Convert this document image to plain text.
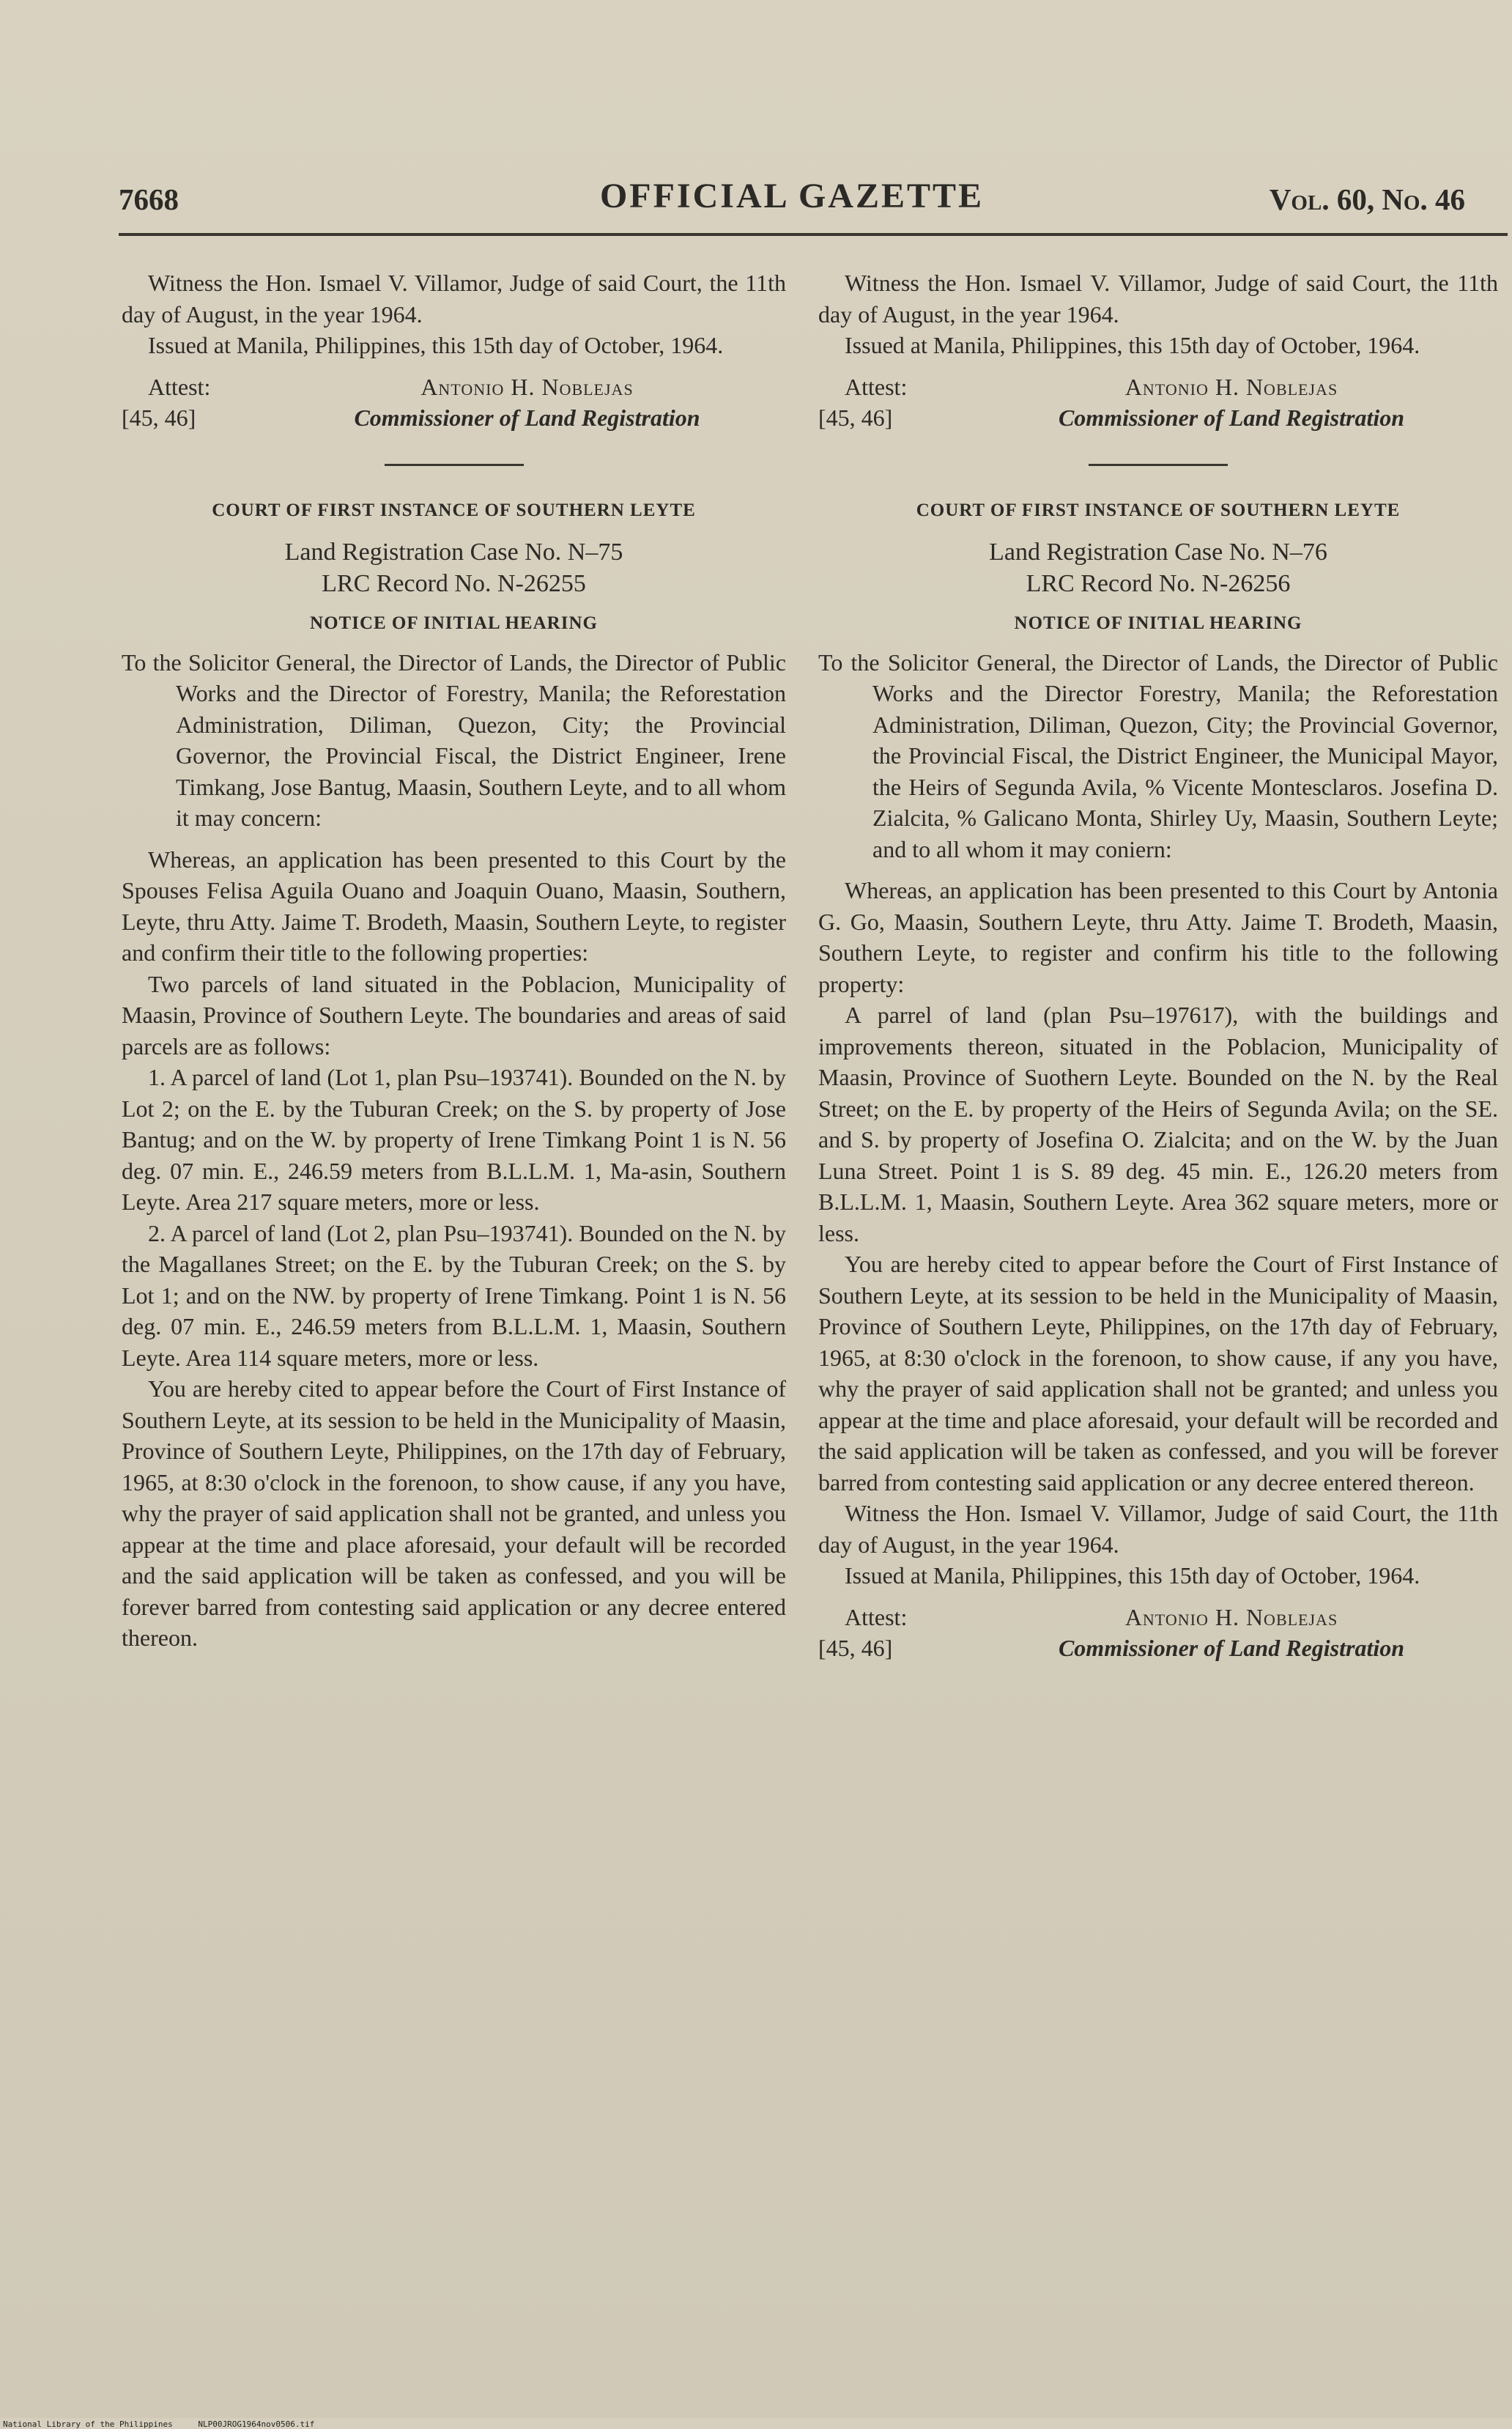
7668	OFFICIAL GAZETTE	Vol. 60, No. 46

Witness the Hon. Ismael V. Villamor, Judge of said Court, the 11th day of August, in the year 1964.

Issued at Manila, Philippines, this 15th day of October, 1964.

Attest:
[45, 46]
Antonio H. Noblejas
Commissioner of Land Registration
COURT OF FIRST INSTANCE OF SOUTHERN LEYTE
Land Registration Case No. N–75
LRC Record No. N-26255
NOTICE OF INITIAL HEARING

To the Solicitor General, the Director of Lands, the Director of Public Works and the Director of Forestry, Manila; the Reforestation Administration, Diliman, Quezon, City; the Provincial Governor, the Provincial Fiscal, the District Engineer, Irene Timkang, Jose Bantug, Maasin, Southern Leyte, and to all whom it may concern:

Whereas, an application has been presented to this Court by the Spouses Felisa Aguila Ouano and Joaquin Ouano, Maasin, Southern, Leyte, thru Atty. Jaime T. Brodeth, Maasin, Southern Leyte, to register and confirm their title to the following properties:

Two parcels of land situated in the Poblacion, Municipality of Maasin, Province of Southern Leyte. The boundaries and areas of said parcels are as follows:

1. A parcel of land (Lot 1, plan Psu–193741). Bounded on the N. by Lot 2; on the E. by the Tuburan Creek; on the S. by property of Jose Bantug; and on the W. by property of Irene Timkang Point 1 is N. 56 deg. 07 min. E., 246.59 meters from B.L.L.M. 1, Ma-asin, Southern Leyte. Area 217 square meters, more or less.

2. A parcel of land (Lot 2, plan Psu–193741). Bounded on the N. by the Magallanes Street; on the E. by the Tuburan Creek; on the S. by Lot 1; and on the NW. by property of Irene Timkang. Point 1 is N. 56 deg. 07 min. E., 246.59 meters from B.L.L.M. 1, Maasin, Southern Leyte. Area 114 square meters, more or less.

You are hereby cited to appear before the Court of First Instance of Southern Leyte, at its session to be held in the Municipality of Maasin, Province of Southern Leyte, Philippines, on the 17th day of February, 1965, at 8:30 o'clock in the forenoon, to show cause, if any you have, why the prayer of said application shall not be granted, and unless you appear at the time and place aforesaid, your default will be recorded and the said application will be taken as confessed, and you will be forever barred from contesting said application or any decree entered thereon.

Witness the Hon. Ismael V. Villamor, Judge of said Court, the 11th day of August, in the year 1964.

Issued at Manila, Philippines, this 15th day of October, 1964.

Attest:
[45, 46]
Antonio H. Noblejas
Commissioner of Land Registration
COURT OF FIRST INSTANCE OF SOUTHERN LEYTE
Land Registration Case No. N–76
LRC Record No. N-26256
NOTICE OF INITIAL HEARING

To the Solicitor General, the Director of Lands, the Director of Public Works and the Director Forestry, Manila; the Reforestation Administration, Diliman, Quezon, City; the Provincial Governor, the Provincial Fiscal, the District Engineer, the Municipal Mayor, the Heirs of Segunda Avila, % Vicente Montesclaros. Josefina D. Zialcita, % Galicano Monta, Shirley Uy, Maasin, Southern Leyte; and to all whom it may coniern:

Whereas, an application has been presented to this Court by Antonia G. Go, Maasin, Southern Leyte, thru Atty. Jaime T. Brodeth, Maasin, Southern Leyte, to register and confirm his title to the following property:

A parrel of land (plan Psu–197617), with the buildings and improvements thereon, situated in the Poblacion, Municipality of Maasin, Province of Suothern Leyte. Bounded on the N. by the Real Street; on the E. by property of the Heirs of Segunda Avila; on the SE. and S. by property of Josefina O. Zialcita; and on the W. by the Juan Luna Street. Point 1 is S. 89 deg. 45 min. E., 126.20 meters from B.L.L.M. 1, Maasin, Southern Leyte. Area 362 square meters, more or less.

You are hereby cited to appear before the Court of First Instance of Southern Leyte, at its session to be held in the Municipality of Maasin, Province of Southern Leyte, Philippines, on the 17th day of February, 1965, at 8:30 o'clock in the forenoon, to show cause, if any you have, why the prayer of said application shall not be granted; and unless you appear at the time and place aforesaid, your default will be recorded and the said application will be taken as confessed, and you will be forever barred from contesting said application or any decree entered thereon.

Witness the Hon. Ismael V. Villamor, Judge of said Court, the 11th day of August, in the year 1964.

Issued at Manila, Philippines, this 15th day of October, 1964.

Attest:
[45, 46]
Antonio H. Noblejas
Commissioner of Land Registration
National Library of the Philippines	NLP00JROG1964nov0506.tif
